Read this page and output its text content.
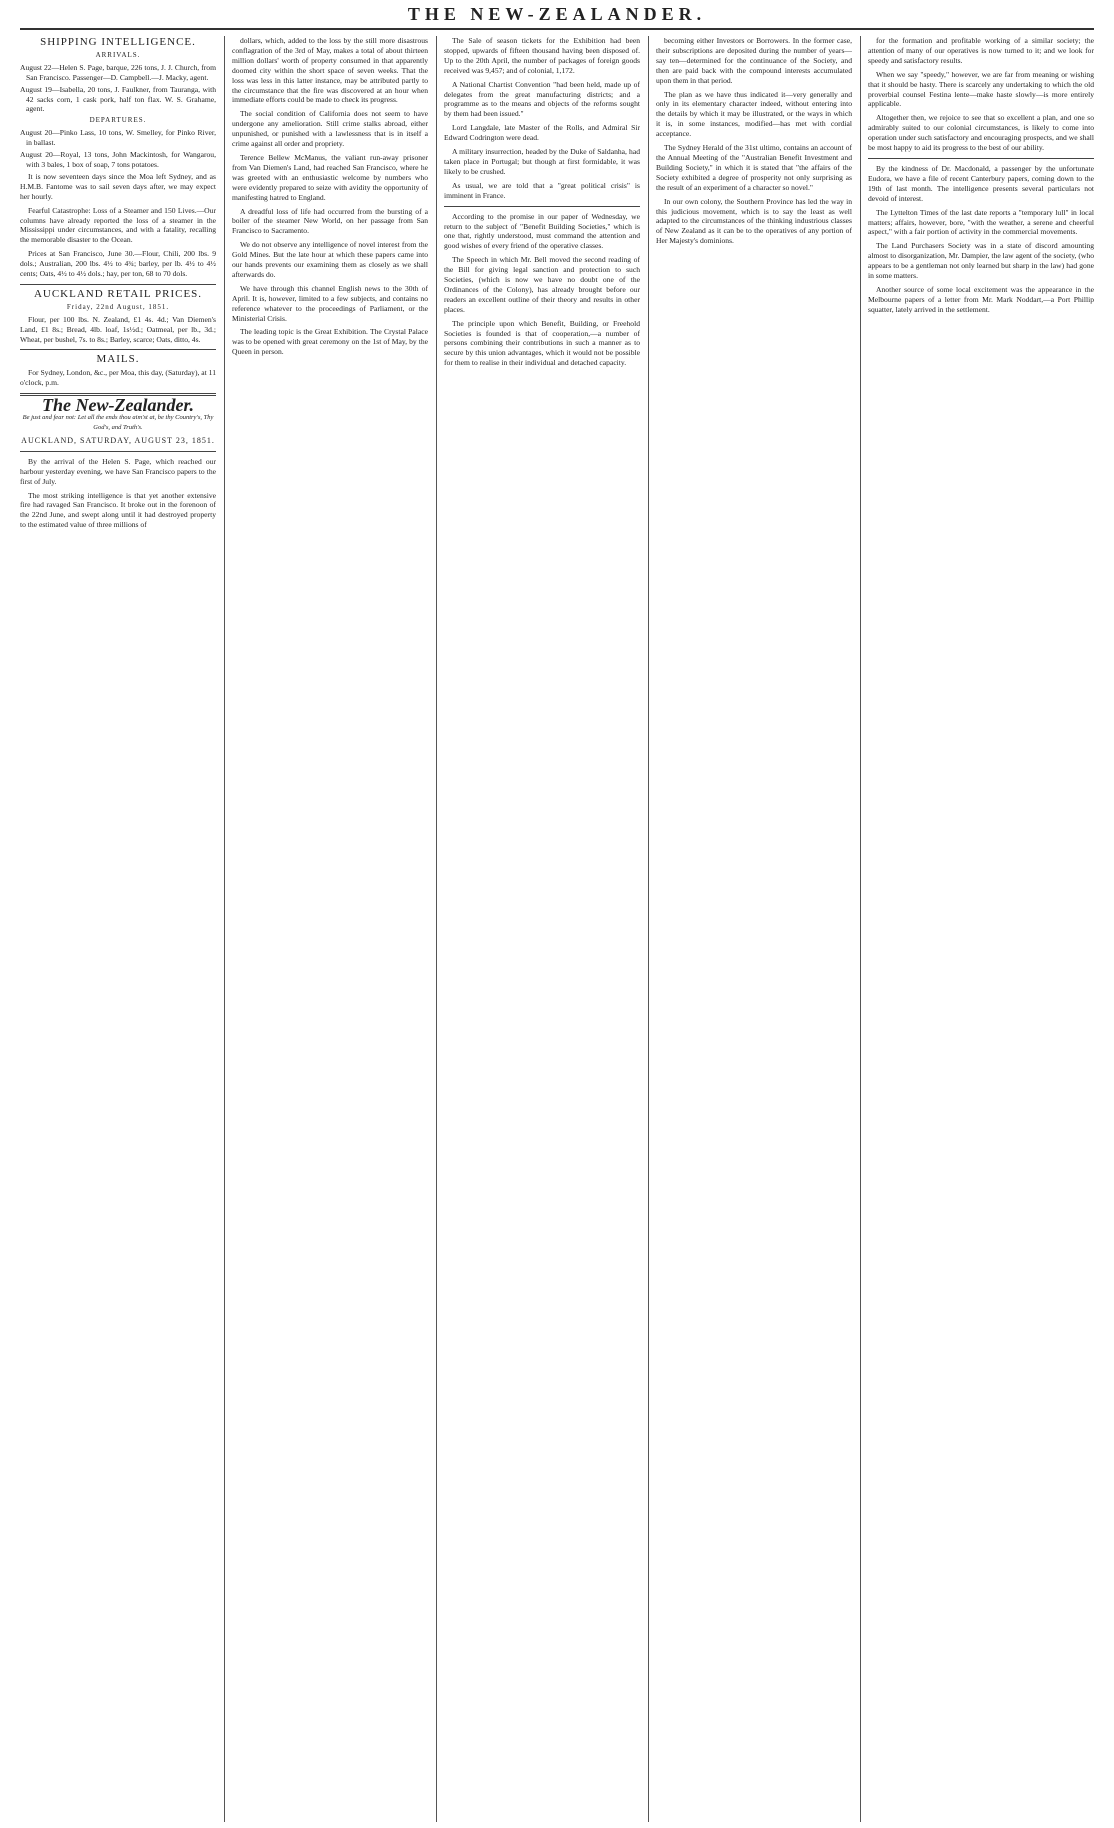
THE NEW-ZEALANDER.
SHIPPING INTELLIGENCE.
ARRIVALS.
August 22—Helen S. Page, barque, 226 tons, J. J. Church, from San Francisco. Passenger—D. Campbell.—J. Macky, agent.
August 19—Isabella, 20 tons, J. Faulkner, from Tauranga, with 42 sacks corn, 1 cask pork, half ton flax. W. S. Grahame, agent.
DEPARTURES.
August 20—Pinko Lass, 10 tons, W. Smelley, for Pinko River, in ballast.
August 20—Royal, 13 tons, John Mackintosh, for Wangarou, with 3 bales, 1 box of soap, 7 tons potatoes.

It is now seventeen days since the Moa left Sydney, and as H.M.B. Fantome was to sail seven days after, we may expect her hourly.

Fearful Catastrophe: Loss of a Steamer and 150 Lives.—Our columns have already reported the loss of a steamer in the Mississippi under circumstances, and with a fatality, recalling the memorable disaster to the Ocean.

Prices at San Francisco, June 30.—Flour, Chili, 200 lbs. 9 dols.; Australian, 200 lbs. 4½ to 4¾; barley, per lb. 4½ to 4½ cents; Oats, 4½ to 4½ dols.; hay, per ton, 68 to 70 dols.

AUCKLAND RETAIL PRICES.
Friday, 22nd August, 1851.

Flour, per 100 lbs. N. Zealand, £1 4s. 4d.; Van Diemen's Land, £1 8s.; Bread, 4lb. loaf, 1s½d.; Oatmeal, per lb., 3d.; Wheat, per bushel, 7s. to 8s.; Barley, scarce; Oats, ditto, 4s.

MAILS.

For Sydney, London, &c., per Moa, this day, (Saturday), at 11 o'clock, p.m.

The New-Zealander.
Be just and fear not: Let all the ends thou aim'st at, be thy Country's, Thy God's, and Truth's.
AUCKLAND, SATURDAY, AUGUST 23, 1851.

By the arrival of the Helen S. Page, which reached our harbour yesterday evening, we have San Francisco papers to the first of July.

The most striking intelligence is that yet another extensive fire had ravaged San Francisco. It broke out in the forenoon of the 22nd June, and swept along until it had destroyed property to the estimated value of three millions of

dollars, which, added to the loss by the still more disastrous conflagration of the 3rd of May, makes a total of about thirteen million dollars' worth of property consumed in that apparently doomed city within the short space of seven weeks. That the loss was less in this latter instance, may be attributed partly to the circumstance that the fire was discovered at an hour when immediate efforts could be made to check its progress.

The social condition of California does not seem to have undergone any amelioration. Still crime stalks abroad, either unpunished, or punished with a lawlessness that is in itself a crime against all order and propriety.

Terence Bellew McManus, the valiant run-away prisoner from Van Diemen's Land, had reached San Francisco, where he was greeted with an enthusiastic welcome by numbers who were evidently prepared to seize with avidity the opportunity of manifesting hatred to England.

A dreadful loss of life had occurred from the bursting of a boiler of the steamer New World, on her passage from San Francisco to Sacramento.

We do not observe any intelligence of novel interest from the Gold Mines. But the late hour at which these papers came into our hands prevents our examining them as closely as we shall afterwards do.

We have through this channel English news to the 30th of April. It is, however, limited to a few subjects, and contains no reference whatever to the proceedings of Parliament, or the Ministerial Crisis.

The leading topic is the Great Exhibition. The Crystal Palace was to be opened with great ceremony on the 1st of May, by the Queen in person.

The Sale of season tickets for the Exhibition had been stopped, upwards of fifteen thousand having been disposed of. Up to the 20th April, the number of packages of foreign goods received was 9,457; and of colonial, 1,172.

A National Chartist Convention "had been held, made up of delegates from the great manufacturing districts; and a programme as to the means and objects of the reforms sought by them had been issued."

Lord Langdale, late Master of the Rolls, and Admiral Sir Edward Codrington were dead.

A military insurrection, headed by the Duke of Saldanha, had taken place in Portugal; but though at first formidable, it was likely to be crushed.

As usual, we are told that a "great political crisis" is imminent in France.

According to the promise in our paper of Wednesday, we return to the subject of "Benefit Building Societies," which is one that, rightly understood, must command the attention and good wishes of every friend of the operative classes.

The Speech in which Mr. Bell moved the second reading of the Bill for giving legal sanction and protection to such Societies, (which is now we have no doubt one of the Ordinances of the Colony), has already brought before our readers an excellent outline of their theory and results in other places.

The principle upon which Benefit, Building, or Freehold Societies is founded is that of cooperation,—a number of persons combining their contributions in such a manner as to secure by this union advantages, which it would not be possible for them to realise in their individual and detached capacity.

becoming either Investors or Borrowers. In the former case, their subscriptions are deposited during the number of years—say ten—determined for the continuance of the Society, and then are paid back with the compound interests accumulated upon them in that period.

The plan as we have thus indicated it—very generally and only in its elementary character indeed, without entering into the details by which it may be illustrated, or the ways in which it is, in some instances, modified—has met with cordial acceptance.

The Sydney Herald of the 31st ultimo, contains an account of the Annual Meeting of the "Australian Benefit Investment and Building Society," in which it is stated that "the affairs of the Society exhibited a degree of prosperity not only surprising as the result of an experiment of a character so novel."

In our own colony, the Southern Province has led the way in this judicious movement, which is to say the least as well adapted to the circumstances of the thinking industrious classes of New Zealand as it can be to the operatives of any portion of Her Majesty's dominions.

for the formation and profitable working of a similar society; the attention of many of our operatives is now turned to it; and we look for speedy and satisfactory results.

When we say "speedy," however, we are far from meaning or wishing that it should be hasty. There is scarcely any undertaking to which the old proverbial counsel Festina lente—make haste slowly—is more entirely applicable.

Altogether then, we rejoice to see that so excellent a plan, and one so admirably suited to our colonial circumstances, is likely to come into operation under such satisfactory and encouraging prospects, and we shall be most happy to aid its progress to the best of our ability.

By the kindness of Dr. Macdonald, a passenger by the unfortunate Eudora, we have a file of recent Canterbury papers, coming down to the 19th of last month. The intelligence presents several particulars not devoid of interest.

The Lyttelton Times of the last date reports a "temporary lull" in local matters; affairs, however, bore, "with the weather, a serene and cheerful aspect," with a fair portion of activity in the commercial movements.

The Land Purchasers Society was in a state of discord amounting almost to disorganization, Mr. Dampier, the law agent of the society, (who appears to be a gentleman not only learned but sharp in the law) had gone in some matters.

Another source of some local excitement was the appearance in the Melbourne papers of a letter from Mr. Mark Noddart,—a Port Phillip squatter, lately arrived in the settlement.
